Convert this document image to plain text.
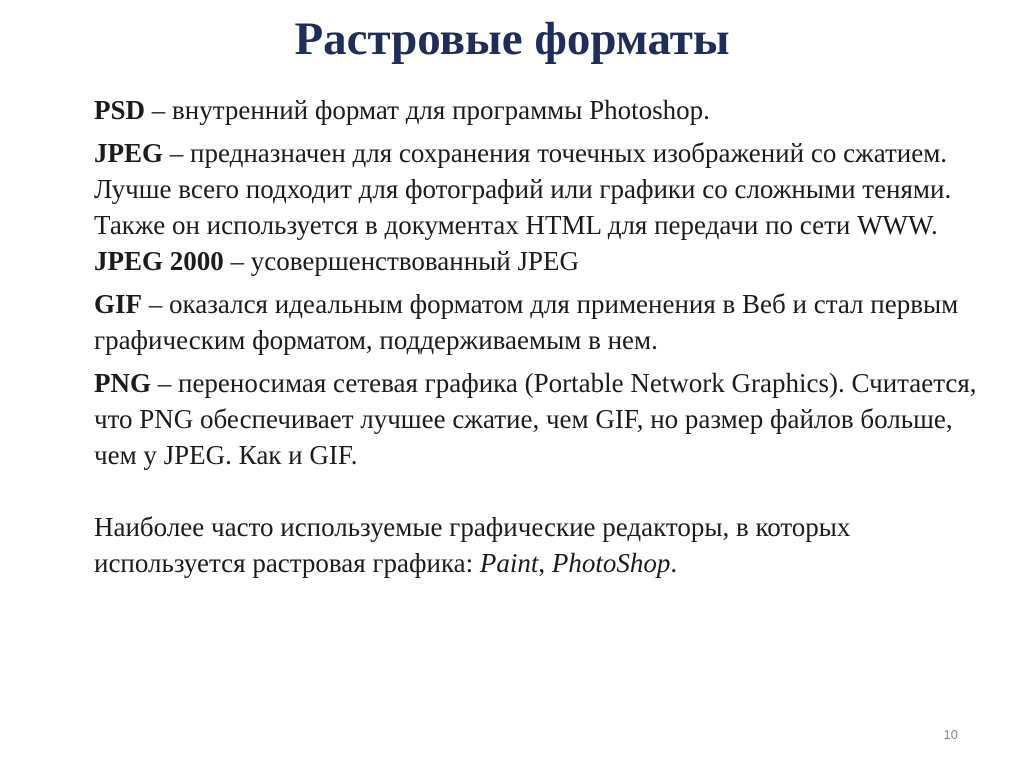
Растровые форматы

PSD – внутренний формат для программы Photoshop.

JPEG – предназначен для сохранения точечных изображений со сжатием. Лучше всего подходит для фотографий или графики со сложными тенями. Также он используется в документах HTML для передачи по сети WWW.

JPEG 2000 – усовершенствованный JPEG

GIF – оказался идеальным форматом для применения в Веб и стал первым графическим форматом, поддерживаемым в нем.

PNG – переносимая сетевая графика (Portable Network Graphics). Считается, что PNG обеспечивает лучшее сжатие, чем GIF, но размер файлов больше, чем у JPEG. Как и GIF.

Наиболее часто используемые графические редакторы, в которых используется растровая графика: Paint, PhotoShop.

10
